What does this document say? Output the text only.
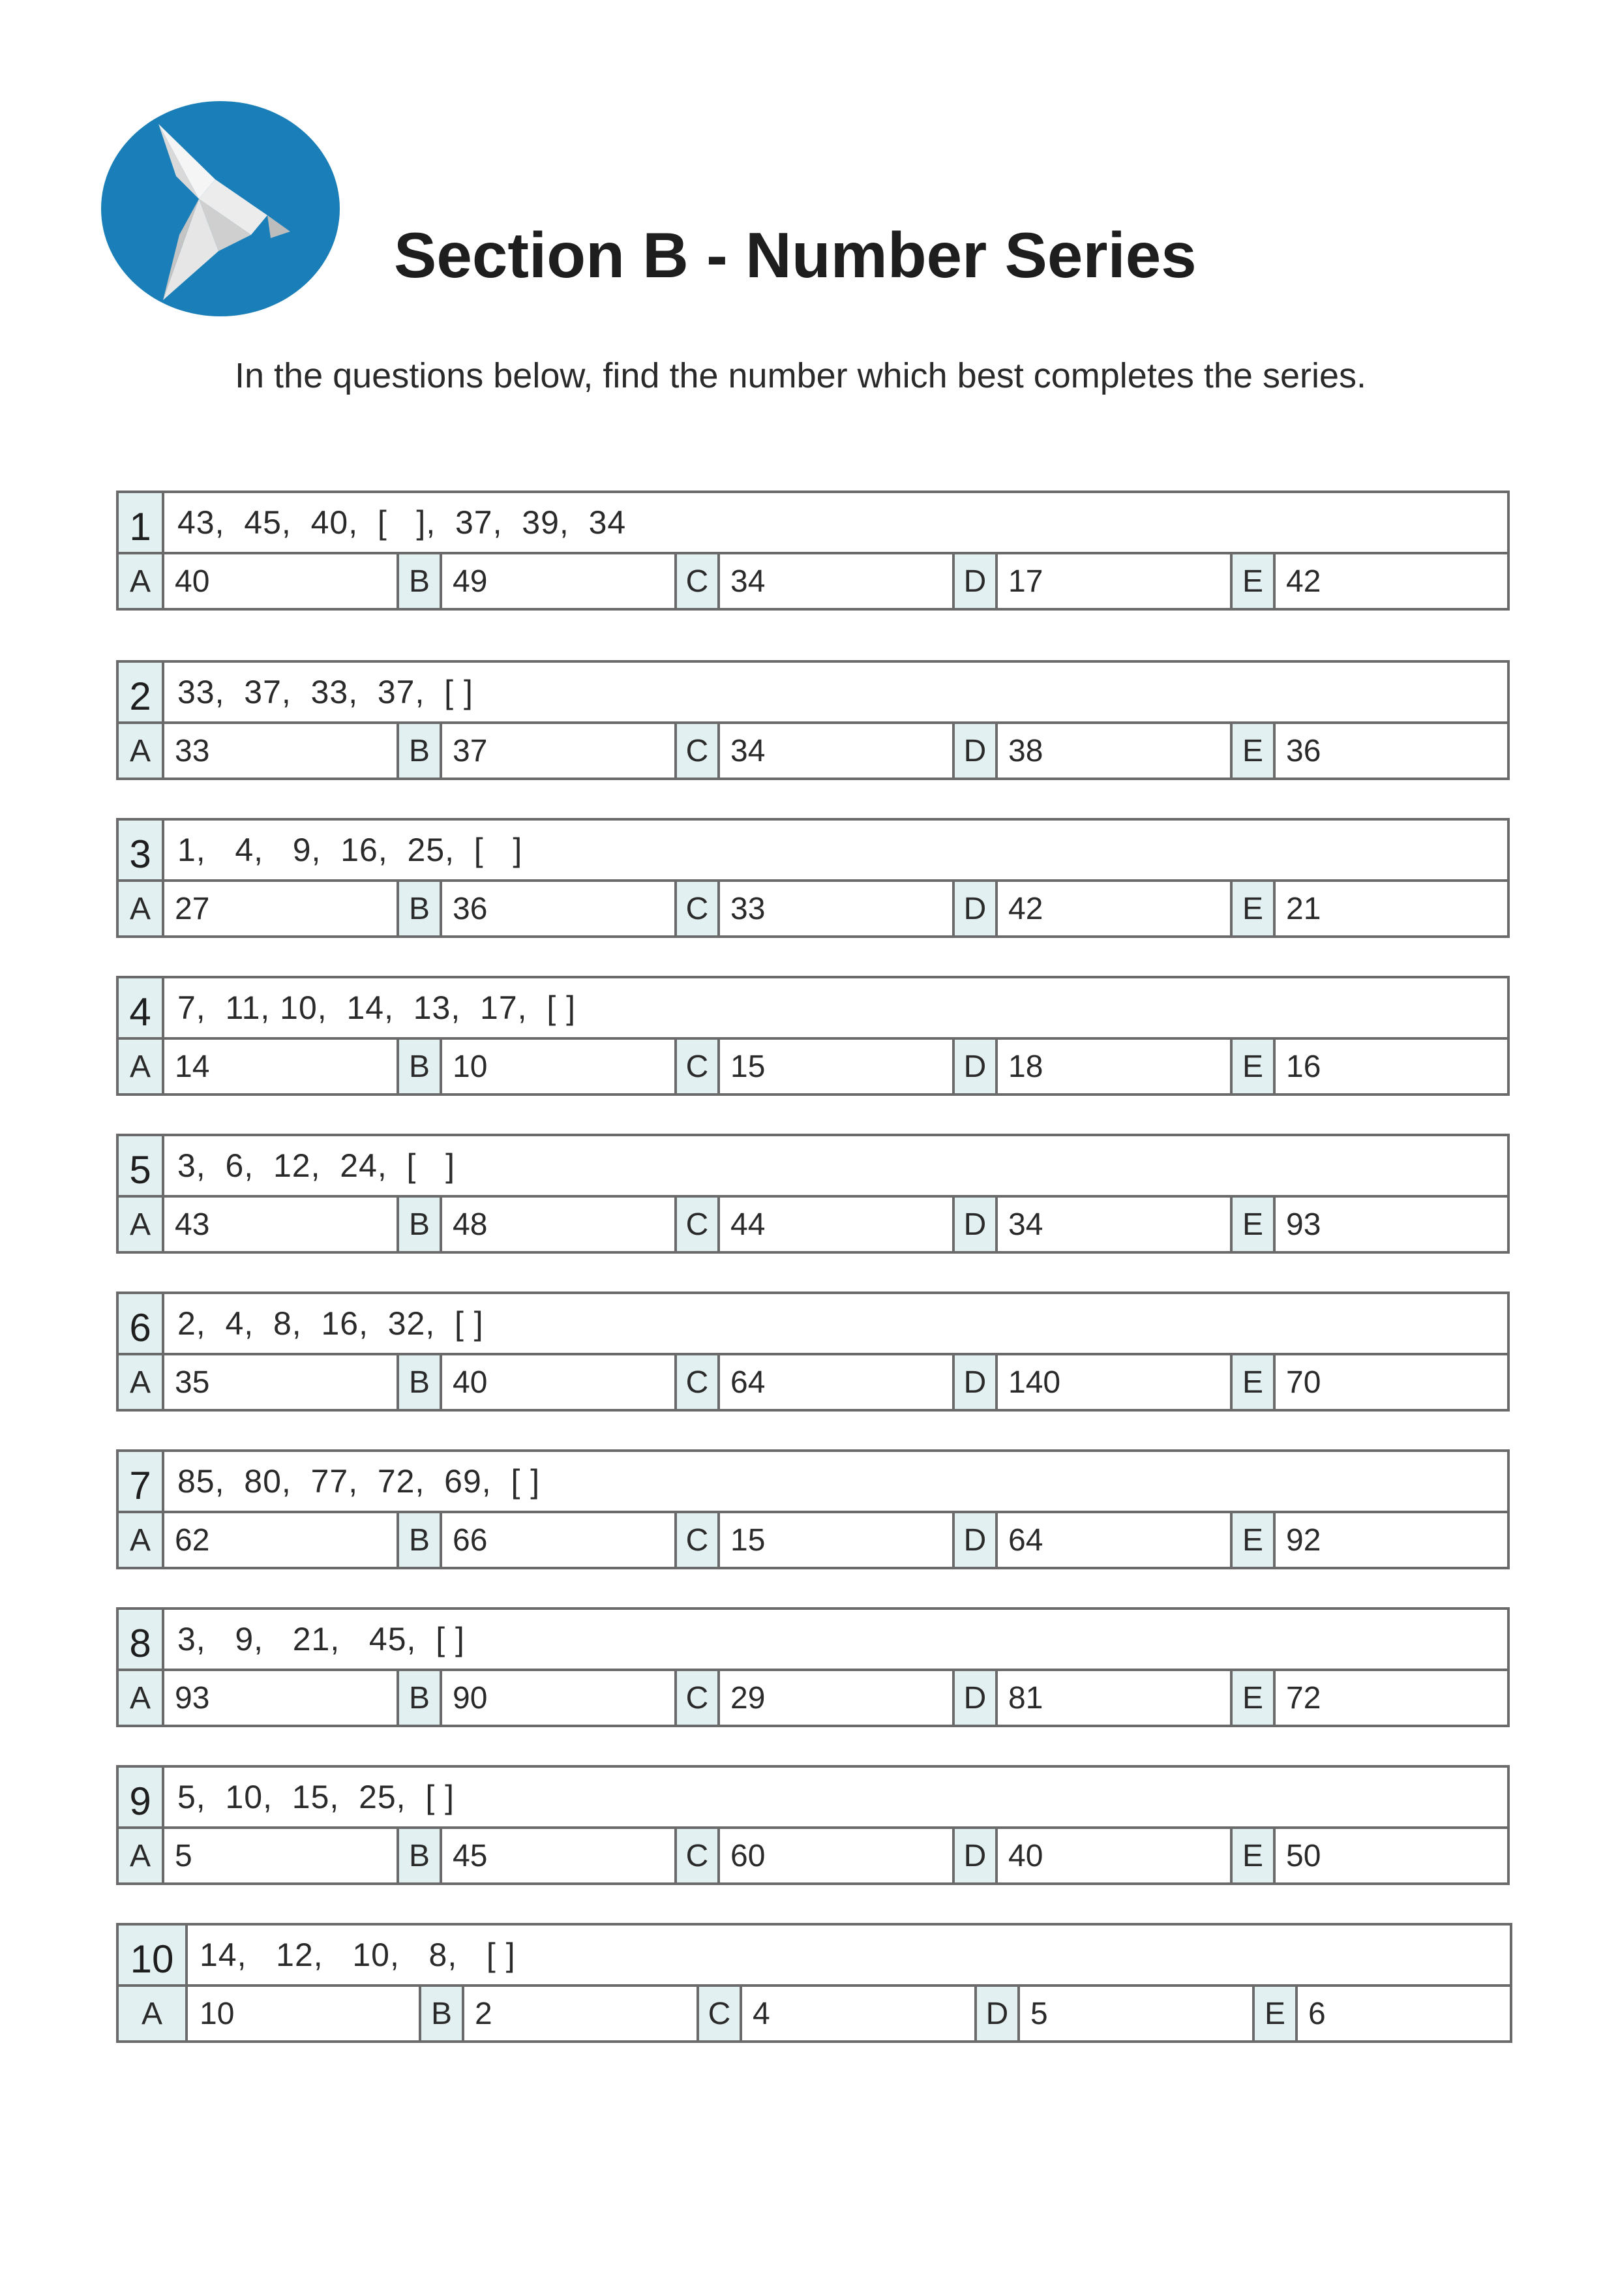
Section B - Number Series

In the questions below, find the number which best completes the series.

1 43,  45,  40,  [   ],  37,  39,  34
A 40	B 49	C 34	D 17	E 42
2 33,  37,  33,  37,  [ ]
A 33	B 37	C 34	D 38	E 36
3 1,   4,   9,  16,  25,  [   ]
A 27	B 36	C 33	D 42	E 21
4 7,  11, 10,  14,  13,  17,  [ ]
A 14	B 10	C 15	D 18	E 16
5 3,  6,  12,  24,  [   ]
A 43	B 48	C 44	D 34	E 93
6 2,  4,  8,  16,  32,  [ ]
A 35	B 40	C 64	D 140	E 70
7 85,  80,  77,  72,  69,  [ ]
A 62	B 66	C 15	D 64	E 92
8 3,   9,   21,   45,  [ ]
A 93	B 90	C 29	D 81	E 72
9 5,  10,  15,  25,  [ ]
A 5	B 45	C 60	D 40	E 50
10 14,   12,   10,   8,   [ ]
A	10	B 2	C 4	D 5	E 6
